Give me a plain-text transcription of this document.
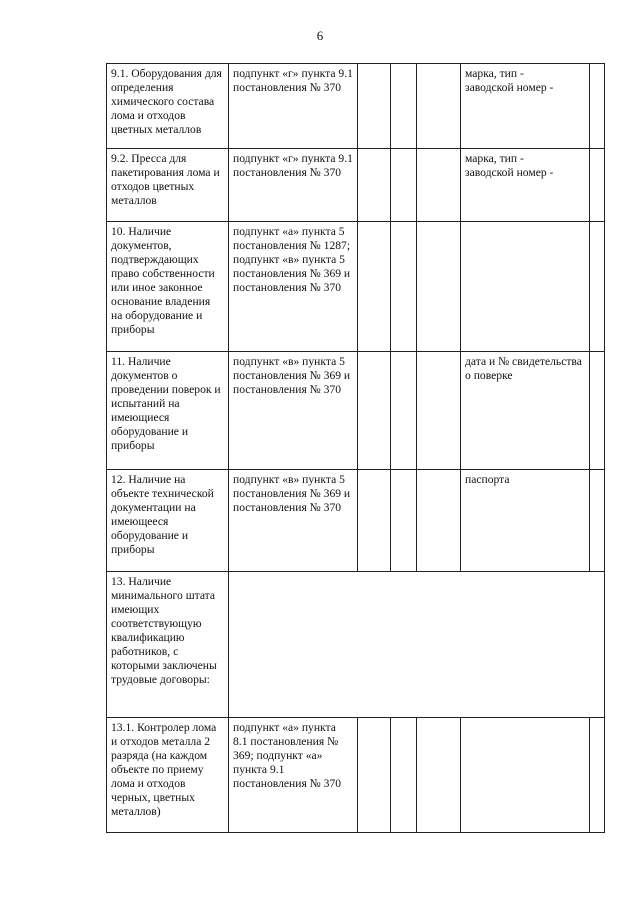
6
9.1. Оборудования для определения химического состава лома и отходов цветных металлов	подпункт «г» пункта 9.1 постановления № 370				марка, тип -
заводской номер -	
9.2. Пресса для пакетирования лома и отходов цветных металлов	подпункт «г» пункта 9.1 постановления № 370				марка, тип -
заводской номер -	
10. Наличие документов, подтверждающих право собственности или иное законное основание владения на оборудование и приборы	подпункт «а» пункта 5 постановления № 1287;
подпункт «в» пункта 5 постановления № 369 и постановления № 370					
11. Наличие документов о проведении поверок и испытаний на имеющиеся оборудование и приборы	подпункт «в» пункта 5 постановления № 369 и постановления № 370				дата и № свидетельства о поверке	
12. Наличие на объекте технической документации на имеющееся оборудование и приборы	подпункт «в» пункта 5 постановления № 369 и постановления № 370				паспорта	
13. Наличие минимального штата имеющих соответствующую квалификацию работников, с которыми заключены трудовые договоры:						
13.1. Контролер лома и отходов металла 2 разряда (на каждом объекте по приему лома и отходов черных, цветных металлов)	подпункт «а» пункта 8.1 постановления № 369; подпункт «а» пункта 9.1 постановления № 370					
